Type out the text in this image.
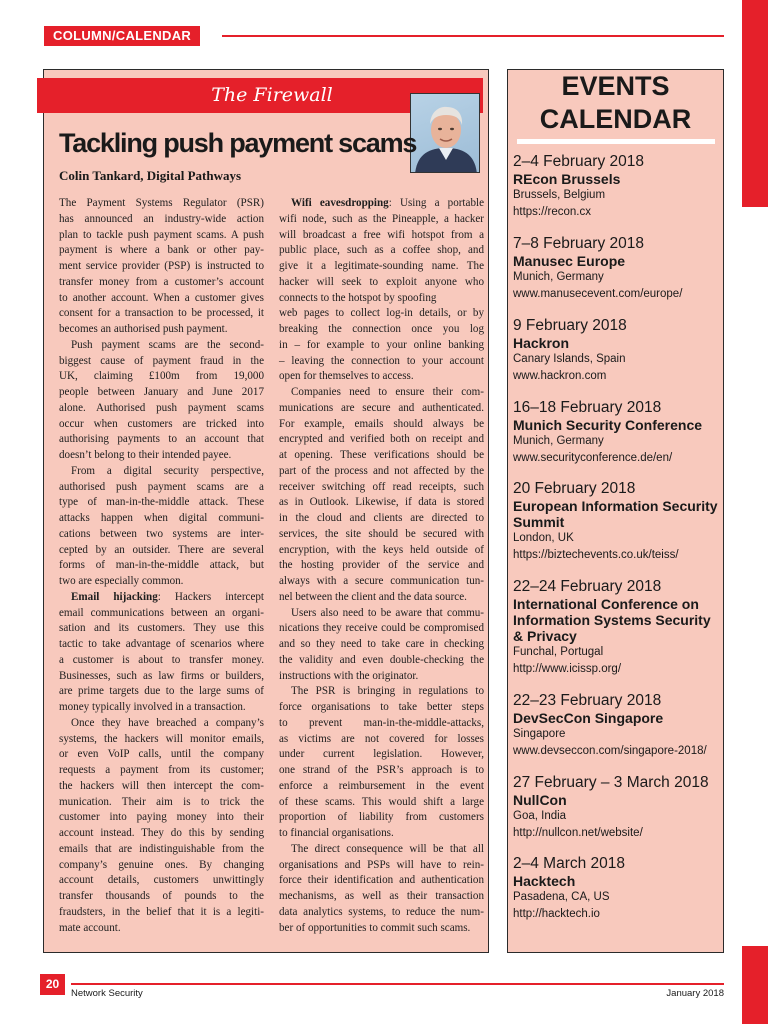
COLUMN/CALENDAR
The Firewall
Tackling push payment scams
Colin Tankard, Digital Pathways
The Payment Systems Regulator (PSR)
has announced an industry-wide action
plan to tackle push payment scams. A push
payment is where a bank or other pay-
ment service provider (PSP) is instructed to
transfer money from a customer’s account
to another account. When a customer gives
consent for a transaction to be processed, it
becomes an authorised push payment.
Push payment scams are the second-
biggest cause of payment fraud in the
UK, claiming £100m from 19,000
people between January and June 2017
alone. Authorised push payment scams
occur when customers are tricked into
authorising payments to an account that
doesn’t belong to their intended payee.
From a digital security perspective,
authorised push payment scams are a
type of man-in-the-middle attack. These
attacks happen when digital communi-
cations between two systems are inter-
cepted by an outsider. There are several
forms of man-in-the-middle attack, but
two are especially common.
Email hijacking: Hackers intercept
email communications between an organi-
sation and its customers. They use this
tactic to take advantage of scenarios where
a customer is about to transfer money.
Businesses, such as law firms or builders,
are prime targets due to the large sums of
money typically involved in a transaction.
Once they have breached a company’s
systems, the hackers will monitor emails,
or even VoIP calls, until the company
requests a payment from its customer;
the hackers will then intercept the com-
munication. Their aim is to trick the
customer into paying money into their
account instead. They do this by sending
emails that are indistinguishable from the
company’s genuine ones. By changing
account details, customers unwittingly
transfer thousands of pounds to the
fraudsters, in the belief that it is a legiti-
mate account.
Wifi eavesdropping: Using a portable
wifi node, such as the Pineapple, a hacker
will broadcast a free wifi hotspot from a
public place, such as a coffee shop, and
give it a legitimate-sounding name. The
hacker will seek to exploit anyone who
connects to the hotspot by spoofing
web pages to collect log-in details, or by
breaking the connection once you log
in – for example to your online banking
– leaving the connection to your account
open for themselves to access.
Companies need to ensure their com-
munications are secure and authenticated.
For example, emails should always be
encrypted and verified both on receipt and
at opening. These verifications should be
part of the process and not affected by the
receiver switching off read receipts, such
as in Outlook. Likewise, if data is stored
in the cloud and clients are directed to
services, the site should be secured with
encryption, with the keys held outside of
the hosting provider of the service and
always with a secure communication tun-
nel between the client and the data source.
Users also need to be aware that commu-
nications they receive could be compromised
and so they need to take care in checking
the validity and even double-checking the
instructions with the originator.
The PSR is bringing in regulations to
force organisations to take better steps
to prevent man-in-the-middle-attacks,
as victims are not covered for losses
under current legislation. However,
one strand of the PSR’s approach is to
enforce a reimbursement in the event
of these scams. This would shift a large
proportion of liability from customers
to financial organisations.
The direct consequence will be that all
organisations and PSPs will have to rein-
force their identification and authentication
mechanisms, as well as their transaction
data analytics systems, to reduce the num-
ber of opportunities to commit such scams.
EVENTS
CALENDAR
2–4 February 2018
REcon Brussels
Brussels, Belgium
https://recon.cx
7–8 February 2018
Manusec Europe
Munich, Germany
www.manusecevent.com/europe/
9 February 2018
Hackron
Canary Islands, Spain
www.hackron.com
16–18 February 2018
Munich Security Conference
Munich, Germany
www.securityconference.de/en/
20 February 2018
European Information Security Summit
London, UK
https://biztechevents.co.uk/teiss/
22–24 February 2018
International Conference on Information Systems Security & Privacy
Funchal, Portugal
http://www.icissp.org/
22–23 February 2018
DevSecCon Singapore
Singapore
www.devseccon.com/singapore-2018/
27 February – 3 March 2018
NullCon
Goa, India
http://nullcon.net/website/
2–4 March 2018
Hacktech
Pasadena, CA, US
http://hacktech.io
20
Network Security	January 2018
